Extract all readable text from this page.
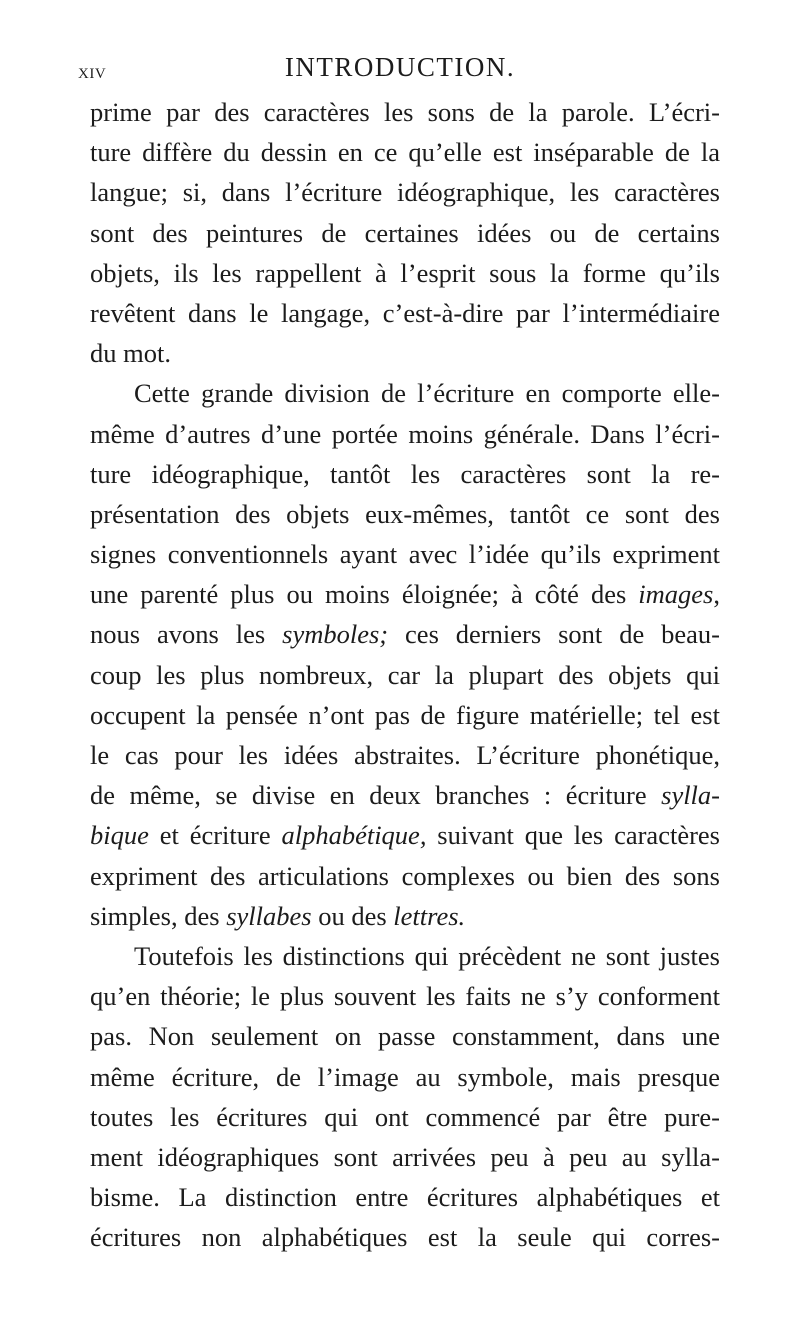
XIV	INTRODUCTION.
prime par des caractères les sons de la parole. L’écri-
ture diffère du dessin en ce qu’elle est inséparable de la
langue; si, dans l’écriture idéographique, les caractères
sont des peintures de certaines idées ou de certains
objets, ils les rappellent à l’esprit sous la forme qu’ils
revêtent dans le langage, c’est-à-dire par l’intermédiaire
du mot.
Cette grande division de l’écriture en comporte elle-
même d’autres d’une portée moins générale. Dans l’écri-
ture idéographique, tantôt les caractères sont la re-
présentation des objets eux-mêmes, tantôt ce sont des
signes conventionnels ayant avec l’idée qu’ils expriment
une parenté plus ou moins éloignée; à côté des images,
nous avons les symboles; ces derniers sont de beau-
coup les plus nombreux, car la plupart des objets qui
occupent la pensée n’ont pas de figure matérielle; tel est
le cas pour les idées abstraites. L’écriture phonétique,
de même, se divise en deux branches : écriture sylla-
bique et écriture alphabétique, suivant que les caractères
expriment des articulations complexes ou bien des sons
simples, des syllabes ou des lettres.
Toutefois les distinctions qui précèdent ne sont justes
qu’en théorie; le plus souvent les faits ne s’y conforment
pas. Non seulement on passe constamment, dans une
même écriture, de l’image au symbole, mais presque
toutes les écritures qui ont commencé par être pure-
ment idéographiques sont arrivées peu à peu au sylla-
bisme. La distinction entre écritures alphabétiques et
écritures non alphabétiques est la seule qui corres-
